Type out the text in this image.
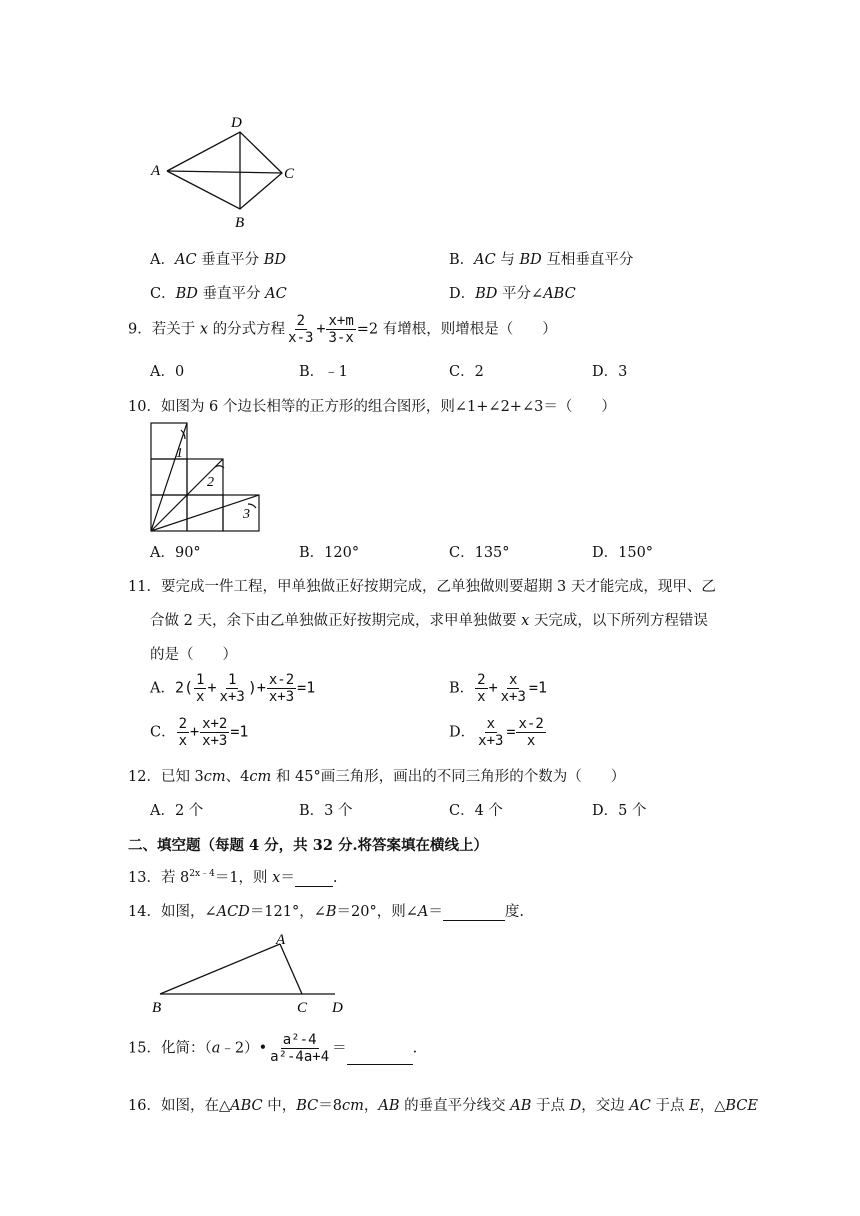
D
A	C
B
A．AC 垂直平分 BD	B．AC 与 BD 互相垂直平分
C．BD 垂直平分 AC	D．BD 平分∠ABC
9．若关于 x 的分式方程 $\frac{2}{x-3} + \frac{x+m}{3-x} =2$ 有增根，则增根是（　　）
A．0	B．﹣1	C．2	D．3
10．如图为 6 个边长相等的正方形的组合图形，则∠1+∠2+∠3＝（　　）
1
2
3
A．90°	B．120°	C．135°	D．150°
11．要完成一件工程，甲单独做正好按期完成，乙单独做则要超期 3 天才能完成，现甲、乙
合做 2 天，余下由乙单独做正好按期完成，求甲单独做要 x 天完成，以下所列方程错误
的是（　　）
A．$2( \frac{1}{x} + \frac{1}{x+3}$ )+ $\frac{x-2}{x+3} =1$	B． $\frac{2}{x} + \frac{x}{x+3} =1$
C． $\frac{2}{x} + \frac{x+2}{x+3} =1$	D． $\frac{x}{x+3} = \frac{x-2}{x}$
12．已知 3cm、4cm 和 45°画三角形，画出的不同三角形的个数为（　　）
A．2 个	B．3 个	C．4 个	D．5 个
二、填空题（每题 4 分，共 32 分.将答案填在横线上）
13．若 $8^{2x﹣4}=1$，则 x＝	.
14．如图，∠ACD＝121°，∠B＝20°，则∠A＝	度.
A
B	C D
15．化简：（a﹣2）• $\frac{\text{a²-4}}{\text{a²-4a+4}}$ ＝	.
16．如图，在△ABC 中，BC＝8cm，AB 的垂直平分线交 AB 于点 D，交边 AC 于点 E，△BCE
